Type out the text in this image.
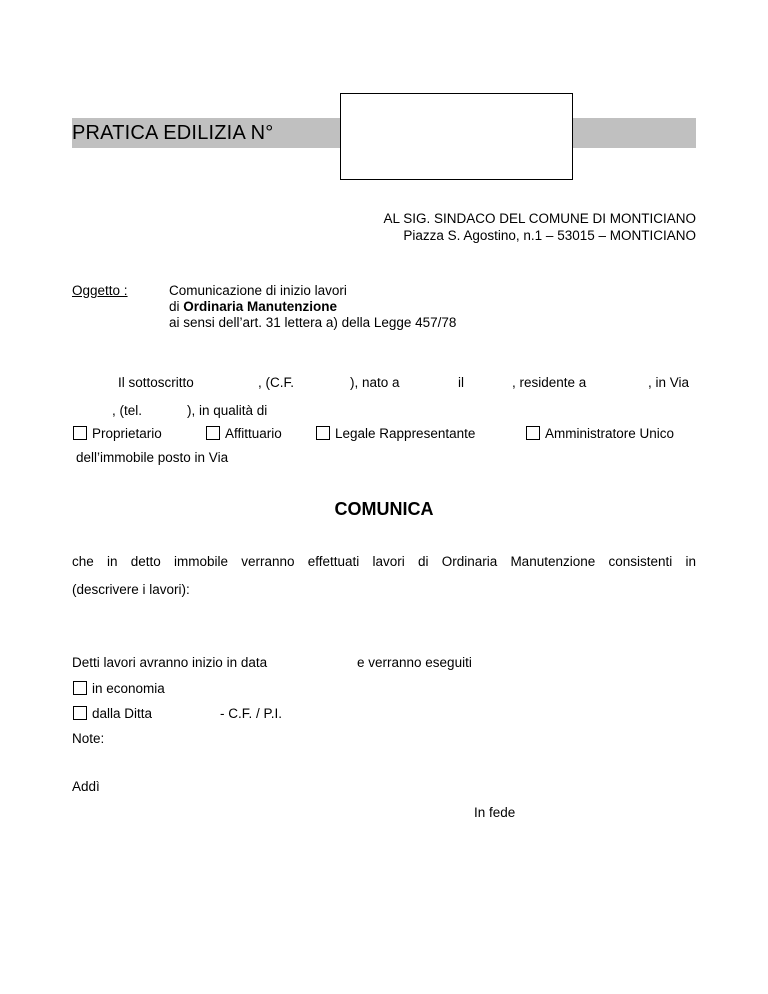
PRATICA EDILIZIA N°
AL SIG. SINDACO DEL COMUNE DI MONTICIANO
Piazza S. Agostino, n.1 – 53015 – MONTICIANO
Oggetto :	Comunicazione di inizio lavori
di Ordinaria Manutenzione
ai sensi dell’art. 31 lettera a) della Legge 457/78
Il sottoscritto	, (C.F.	), nato a	il	, residente a	, in Via
, (tel.	), in qualità di
Proprietario	Affittuario	Legale Rappresentante	Amministratore Unico
dell’immobile posto in Via
COMUNICA
che in detto immobile verranno effettuati lavori di Ordinaria Manutenzione consistenti in
(descrivere i lavori):
Detti lavori avranno inizio in data	e verranno eseguiti
in economia
dalla Ditta	- C.F. / P.I.
Note:
Addì
In fede
